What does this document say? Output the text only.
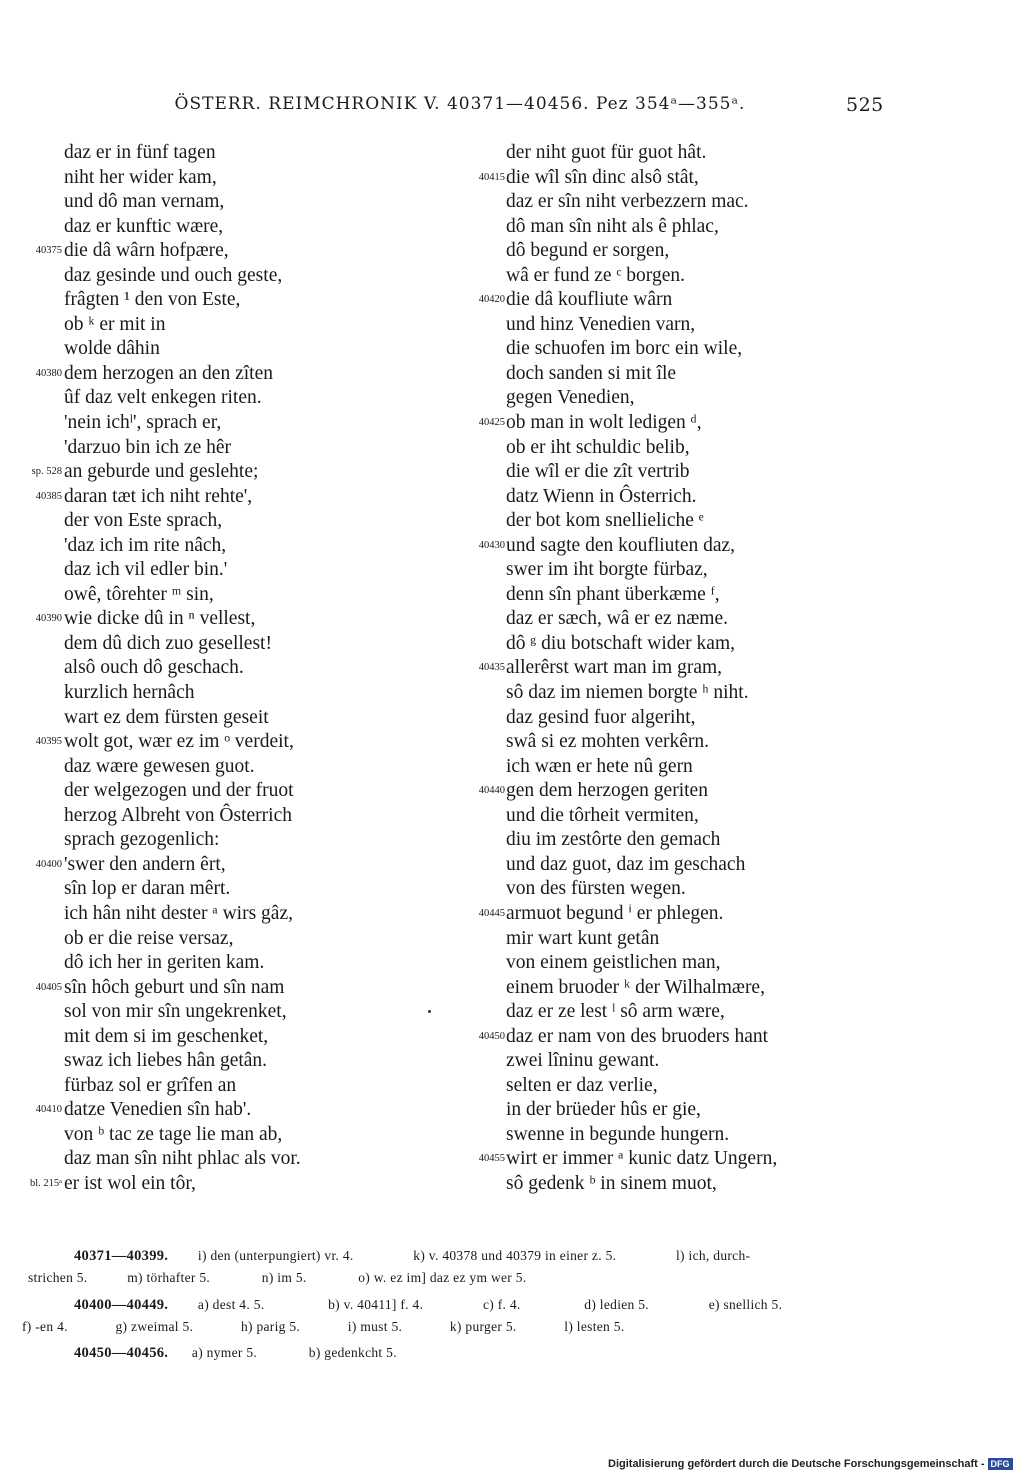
ÖSTERR. REIMCHRONIK V. 40371—40456. Pez 354ᵃ—355ᵃ.	525
daz er in fünf tagen
niht her wider kam,
und dô man vernam,
daz er kunftic wære,
40375 die dâ wârn hofpære,
daz gesinde und ouch geste,
frâgten ¹ den von Este,
ob ᵏ er mit in
wolde dâhin
40380 dem herzogen an den zîten
ûf daz velt enkegen riten.
'nein ichˡ', sprach er,
'darzuo bin ich ze hêr
sp. 528 an geburde und geslehte;
40385 daran tæt ich niht rehte',
der von Este sprach,
'daz ich im rite nâch,
daz ich vil edler bin.'
owê, tôrehter ᵐ sin,
40390 wie dicke dû in ⁿ vellest,
dem dû dich zuo gesellest!
alsô ouch dô geschach.
kurzlich hernâch
wart ez dem fürsten geseit
40395 wolt got, wær ez im ᵒ verdeit,
daz wære gewesen guot.
der welgezogen und der fruot
herzog Albreht von Ôsterrich
sprach gezogenlich:
40400 'swer den andern êrt,
sîn lop er daran mêrt.
ich hân niht dester ᵃ wirs gâz,
ob er die reise versaz,
dô ich her in geriten kam.
40405 sîn hôch geburt und sîn nam
sol von mir sîn ungekrenket,
mit dem si im geschenket,
swaz ich liebes hân getân.
fürbaz sol er grîfen an
40410 datze Venedien sîn hab'.
von ᵇ tac ze tage lie man ab,
daz man sîn niht phlac als vor.
bl. 215ᵃ er ist wol ein tôr,
der niht guot für guot hât.
40415 die wîl sîn dinc alsô stât,
daz er sîn niht verbezzern mac.
dô man sîn niht als ê phlac,
dô begund er sorgen,
wâ er fund ze ᶜ borgen.
40420 die dâ koufliute wârn
und hinz Venedien varn,
die schuofen im borc ein wile,
doch sanden si mit île
gegen Venedien,
40425 ob man in wolt ledigen ᵈ,
ob er iht schuldic belib,
die wîl er die zît vertrib
datz Wienn in Ôsterrich.
der bot kom snellieliche ᵉ
40430 und sagte den koufliuten daz,
swer im iht borgte fürbaz,
denn sîn phant überkæme ᶠ,
daz er sæch, wâ er ez næme.
dô ᵍ diu botschaft wider kam,
40435 allerêrst wart man im gram,
sô daz im niemen borgte ʰ niht.
daz gesind fuor algeriht,
swâ si ez mohten verkêrn.
ich wæn er hete nû gern
40440 gen dem herzogen geriten
und die tôrheit vermiten,
diu im zestôrte den gemach
und daz guot, daz im geschach
von des fürsten wegen.
40445 armuot begund ⁱ er phlegen.
mir wart kunt getân
von einem geistlichen man,
einem bruoder ᵏ der Wilhalmære,
daz er ze lest ˡ sô arm wære,
40450 daz er nam von des bruoders hant
zwei lîninu gewant.
selten er daz verlie,
in der brüeder hûs er gie,
swenne in begunde hungern.
40455 wirt er immer ᵃ kunic datz Ungern,
sô gedenk ᵇ in sinem muot,
40371—40399. i) den (unterpungiert) vr. 4.	k) v. 40378 und 40379 in einer z. 5.	l) ich, durch-
strichen 5.	m) törhafter 5.	n) im 5.	o) w. ez im] daz ez ym wer 5.
40400—40449. a) dest 4. 5.	b) v. 40411] f. 4.	c) f. 4.	d) ledien 5.	e) snellich 5.
f) -en 4.	g) zweimal 5.	h) parig 5.	i) must 5.	k) purger 5.	l) lesten 5.
40450—40456. a) nymer 5.	b) gedenkcht 5.
Digitalisierung gefördert durch die Deutsche Forschungsgemeinschaft - DFG
